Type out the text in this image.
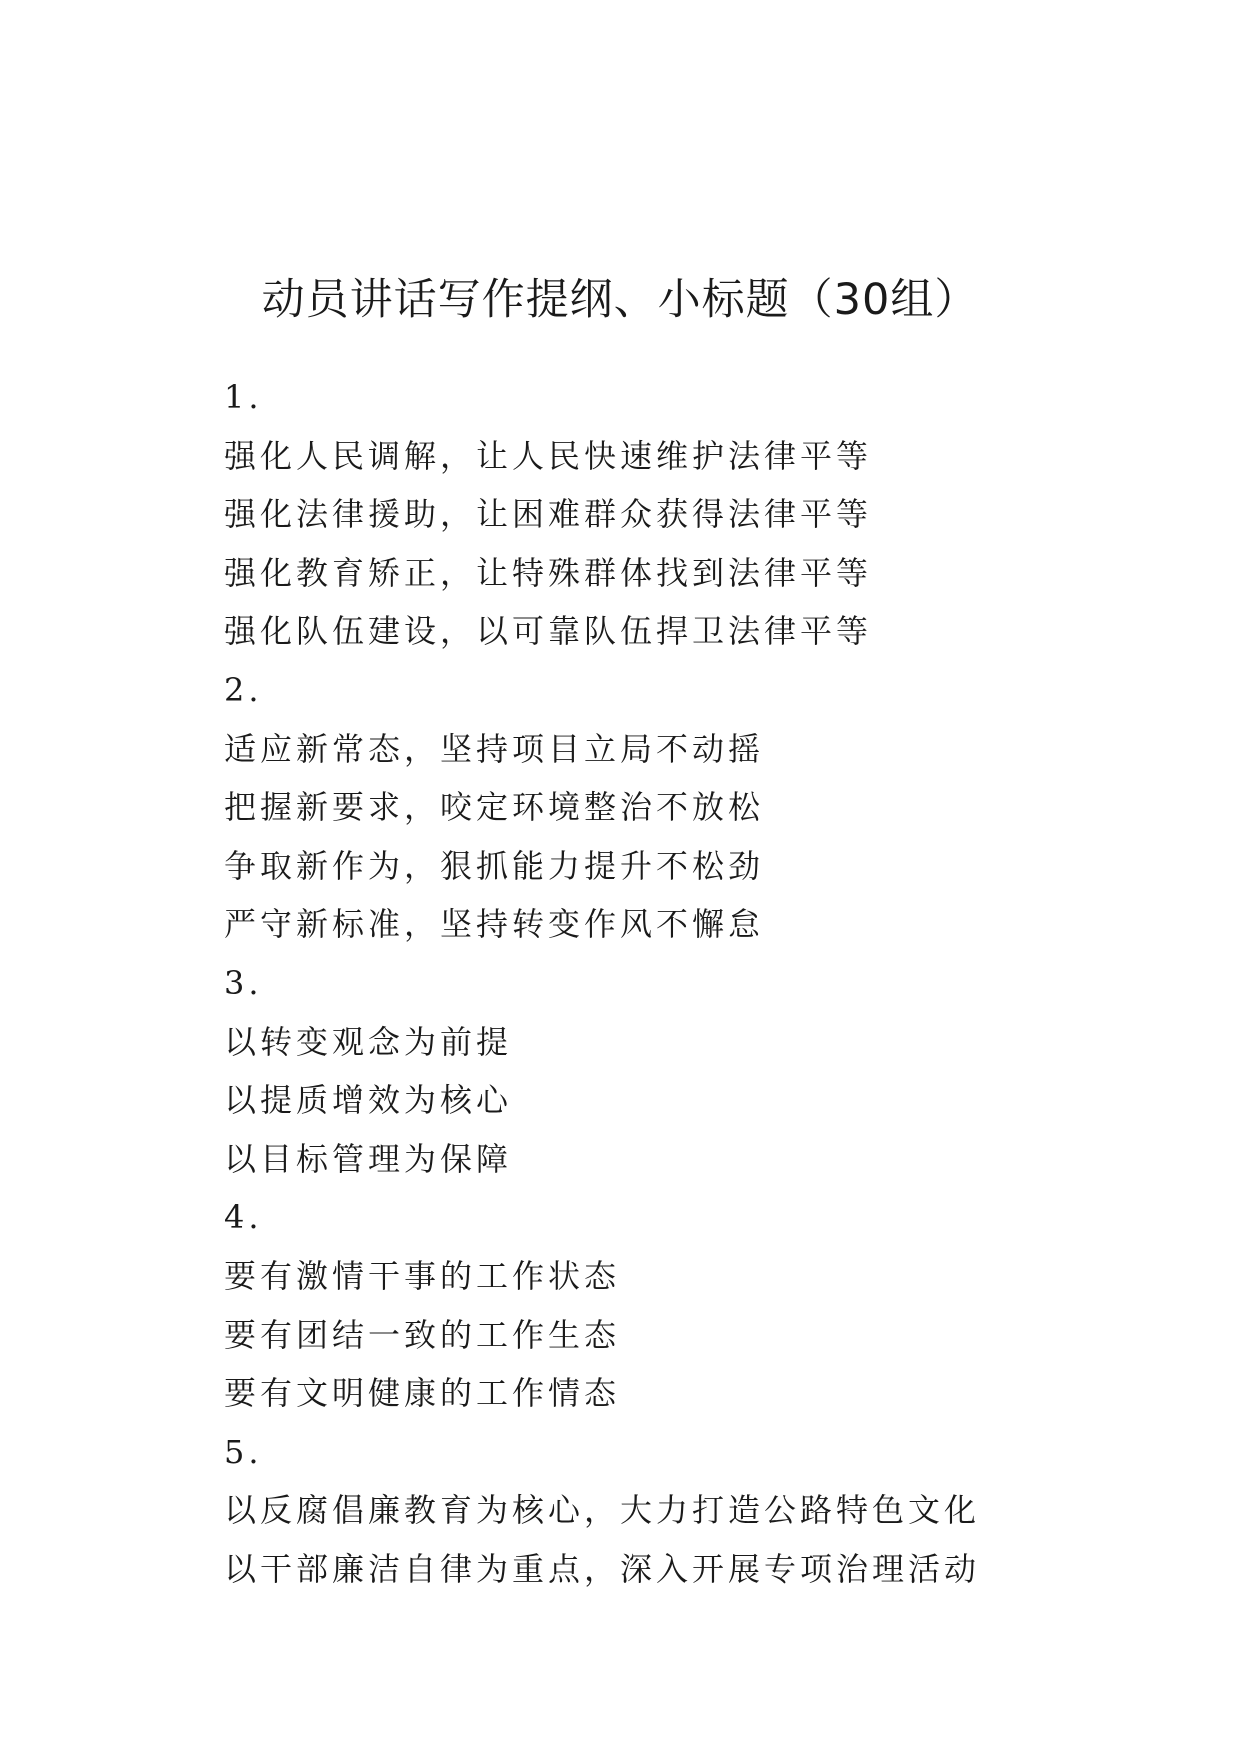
动员讲话写作提纲、小标题（30组）

1.

强化人民调解，让人民快速维护法律平等

强化法律援助，让困难群众获得法律平等

强化教育矫正，让特殊群体找到法律平等

强化队伍建设，以可靠队伍捍卫法律平等

2.

适应新常态，坚持项目立局不动摇

把握新要求，咬定环境整治不放松

争取新作为，狠抓能力提升不松劲

严守新标准，坚持转变作风不懈怠

3.

以转变观念为前提

以提质增效为核心

以目标管理为保障

4.

要有激情干事的工作状态

要有团结一致的工作生态

要有文明健康的工作情态

5.

以反腐倡廉教育为核心，大力打造公路特色文化

以干部廉洁自律为重点，深入开展专项治理活动
